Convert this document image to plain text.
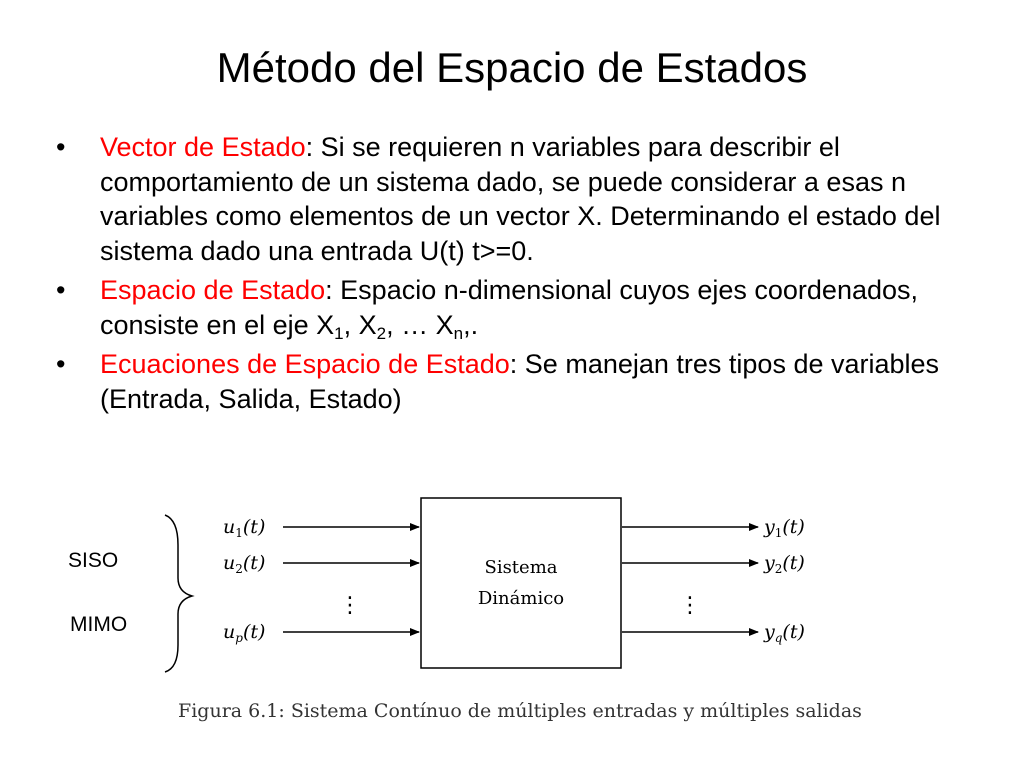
Método del Espacio de Estados
• Vector de Estado: Si se requieren n variables para describir el comportamiento de un sistema dado, se puede considerar a esas n variables como elementos de un vector X. Determinando el estado del sistema dado una entrada U(t) t>=0.
• Espacio de Estado: Espacio n-dimensional cuyos ejes coordenados, consiste en el eje $X_1$, $X_2$, … $X_n$,.
• Ecuaciones de Espacio de Estado: Se manejan tres tipos de variables (Entrada, Salida, Estado)
SISO
MIMO
Sistema
Dinámico
$u_1(t)$
$u_2(t)$
$u_p(t)$
$y_1(t)$
$y_2(t)$
$y_q(t)$
⋮	⋮
Figura 6.1: Sistema Contínuo de múltiples entradas y múltiples salidas
